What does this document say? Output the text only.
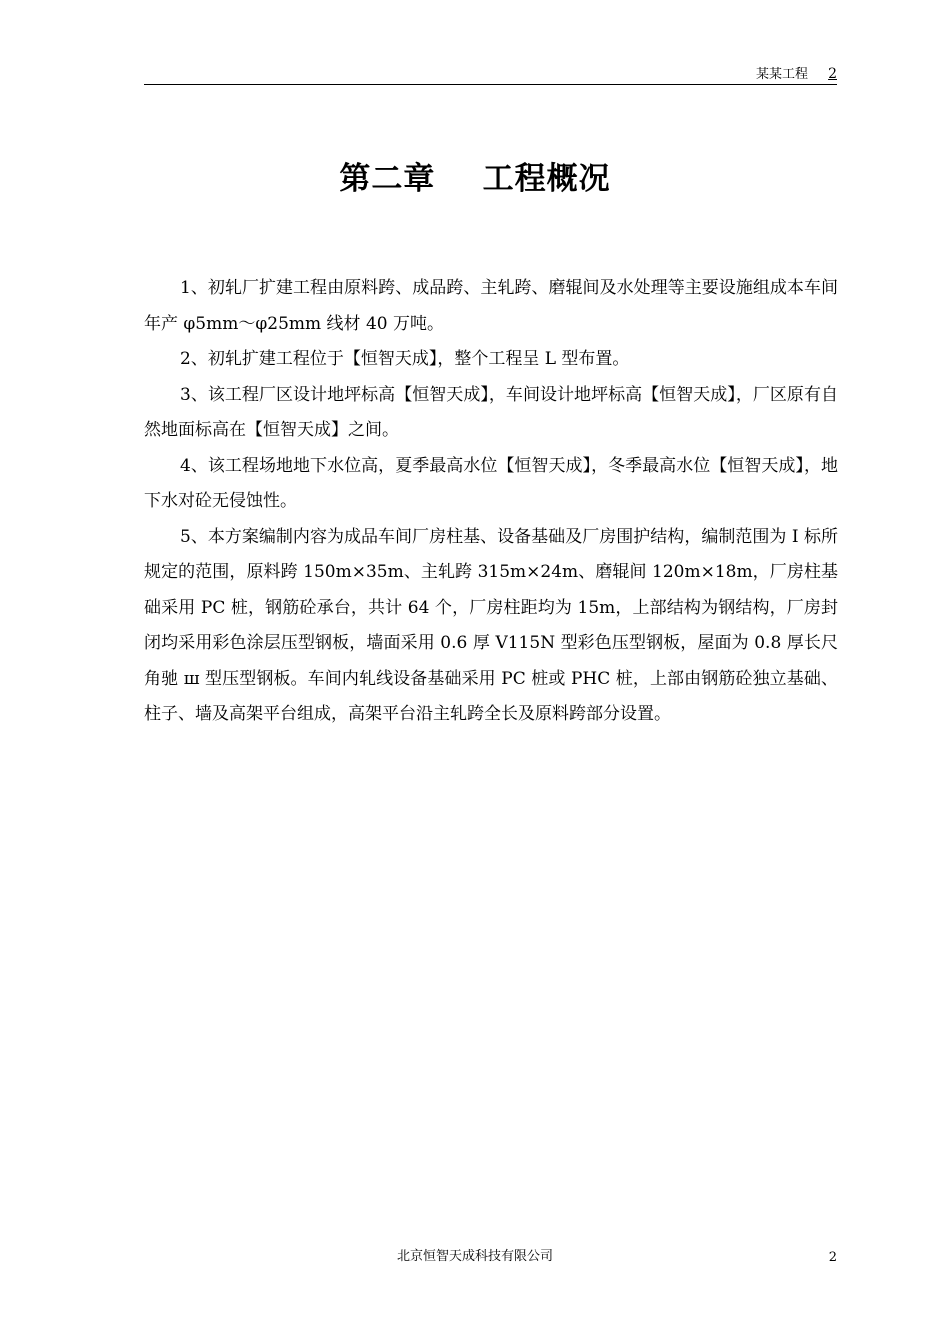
某某工程 2
第二章    工程概况

1、初轧厂扩建工程由原料跨、成品跨、主轧跨、磨辊间及水处理等主要设施组成本车间年产 φ5mm～φ25mm 线材 40 万吨。

2、初轧扩建工程位于【恒智天成】，整个工程呈 L 型布置。

3、该工程厂区设计地坪标高【恒智天成】，车间设计地坪标高【恒智天成】，厂区原有自然地面标高在【恒智天成】之间。

4、该工程场地地下水位高，夏季最高水位【恒智天成】，冬季最高水位【恒智天成】，地下水对砼无侵蚀性。

5、本方案编制内容为成品车间厂房柱基、设备基础及厂房围护结构，编制范围为 I 标所规定的范围，原料跨 150m×35m、主轧跨 315m×24m、磨辊间 120m×18m，厂房柱基础采用 PC 桩，钢筋砼承台，共计 64 个，厂房柱距均为 15m，上部结构为钢结构，厂房封闭均采用彩色涂层压型钢板，墙面采用 0.6 厚 V115N 型彩色压型钢板，屋面为 0.8 厚长尺角驰 ш 型压型钢板。车间内轧线设备基础采用 PC 桩或 PHC 桩，上部由钢筋砼独立基础、柱子、墙及高架平台组成，高架平台沿主轧跨全长及原料跨部分设置。

北京恒智天成科技有限公司	2
